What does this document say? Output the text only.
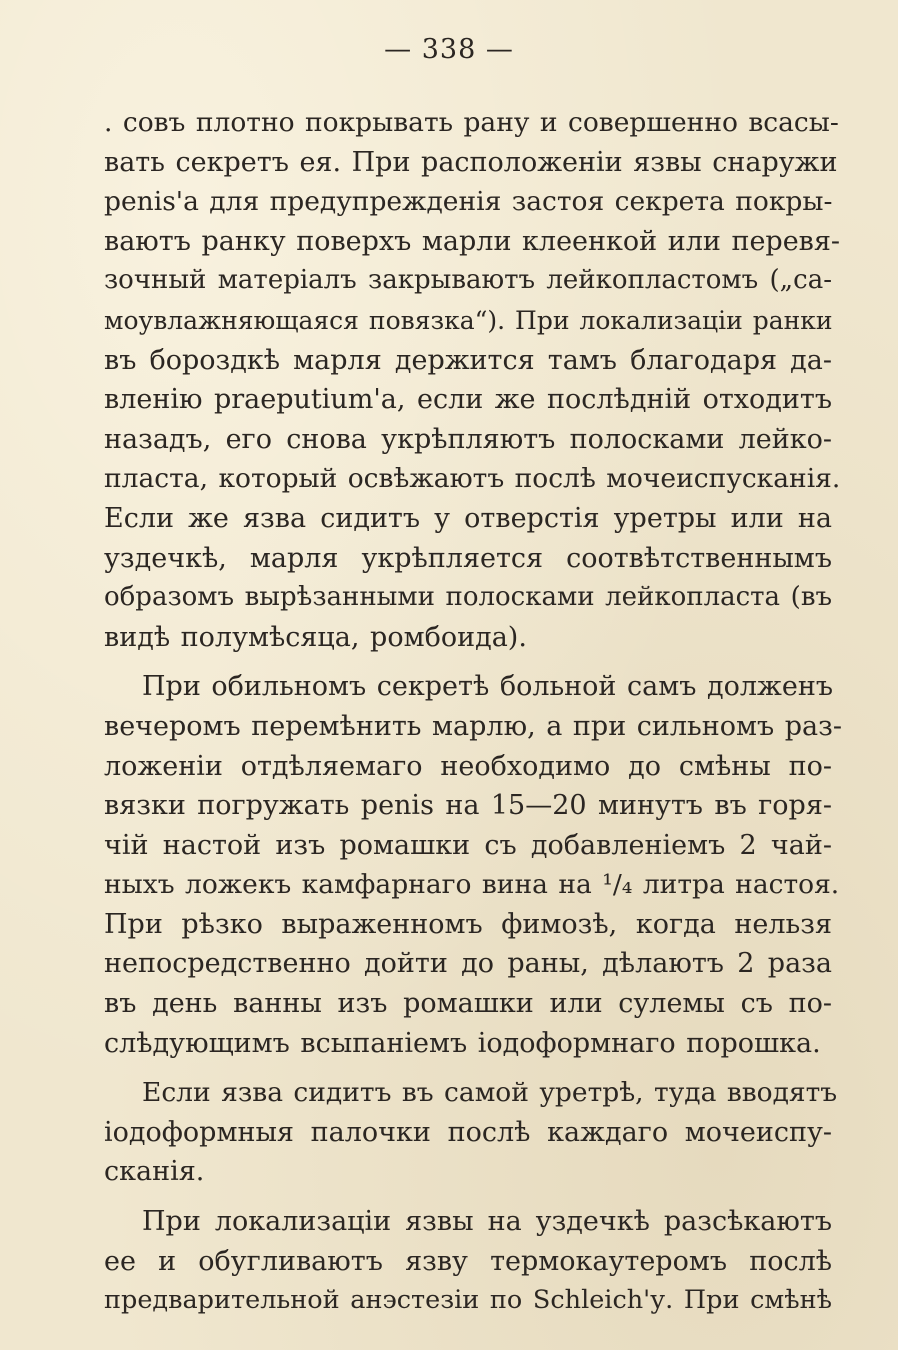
— 338 —
. совъ плотно покрывать рану и совершенно всасы-
вать секретъ ея. При расположеніи язвы снаружи
penis'а для предупрежденія застоя секрета покры-
ваютъ ранку поверхъ марли клеенкой или перевя-
зочный матеріалъ закрываютъ лейкопластомъ („са-
моувлажняющаяся повязка“). При локализаціи ранки
въ бороздкѣ марля держится тамъ благодаря да-
вленію praeputium'а, если же послѣдній отходитъ
назадъ, его снова укрѣпляютъ полосками лейко-
пласта, который освѣжаютъ послѣ мочеиспусканія.
Если же язва сидитъ у отверстія уретры или на
уздечкѣ, марля укрѣпляется соотвѣтственнымъ
образомъ вырѣзанными полосками лейкопласта (въ
видѣ полумѣсяца, ромбоида).
При обильномъ секретѣ больной самъ долженъ
вечеромъ перемѣнить марлю, а при сильномъ раз-
ложеніи отдѣляемаго необходимо до смѣны по-
вязки погружать penis на 15—20 минутъ въ горя-
чій настой изъ ромашки съ добавленіемъ 2 чай-
ныхъ ложекъ камфарнаго вина на ¹/₄ литра настоя.
При рѣзко выраженномъ фимозѣ, когда нельзя
непосредственно дойти до раны, дѣлаютъ 2 раза
въ день ванны изъ ромашки или сулемы съ по-
слѣдующимъ всыпаніемъ іодоформнаго порошка.
Если язва сидитъ въ самой уретрѣ, туда вводятъ
іодоформныя палочки послѣ каждаго мочеиспу-
сканія.
При локализаціи язвы на уздечкѣ разсѣкаютъ
ее и обугливаютъ язву термокаутеромъ послѣ
предварительной анэстезіи по Schleich'у. При смѣнѣ
